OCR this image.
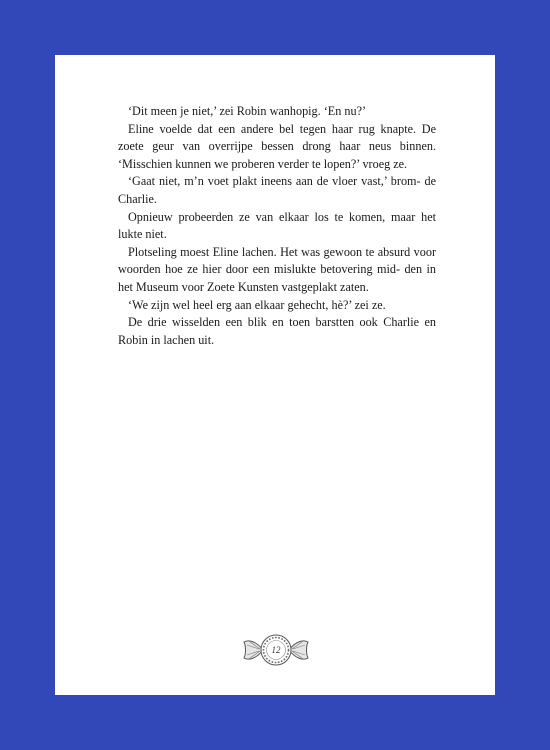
‘Dit meen je niet,’ zei Robin wanhopig. ‘En nu?’

Eline voelde dat een andere bel tegen haar rug knapte. De zoete geur van overrijpe bessen drong haar neus binnen. ‘Misschien kunnen we proberen verder te lopen?’ vroeg ze.

‘Gaat niet, m’n voet plakt ineens aan de vloer vast,’ brom- de Charlie.

Opnieuw probeerden ze van elkaar los te komen, maar het lukte niet.

Plotseling moest Eline lachen. Het was gewoon te absurd voor woorden hoe ze hier door een mislukte betovering mid- den in het Museum voor Zoete Kunsten vastgeplakt zaten.

‘We zijn wel heel erg aan elkaar gehecht, hè?’ zei ze.

De drie wisselden een blik en toen barstten ook Charlie en Robin in lachen uit.

12
